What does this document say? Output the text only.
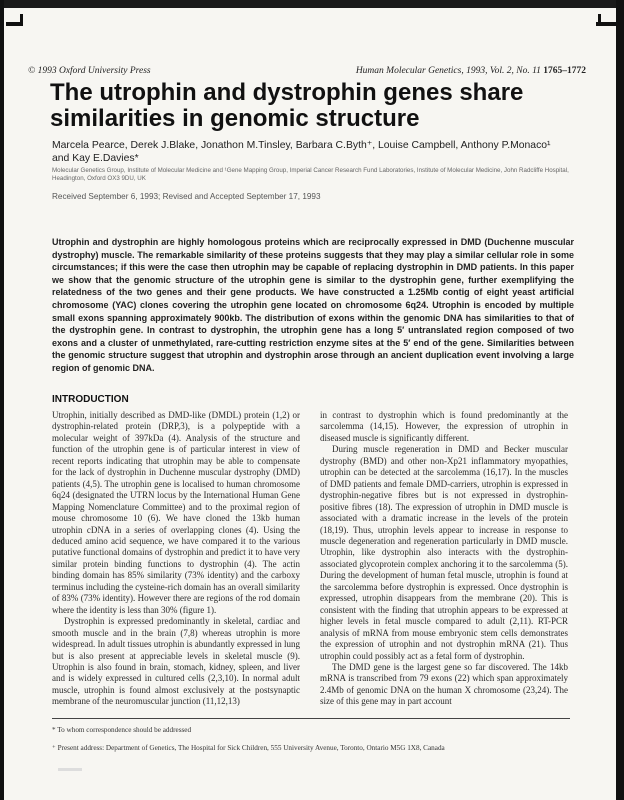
© 1993 Oxford University Press	Human Molecular Genetics, 1993, Vol. 2, No. 11 1765–1772
The utrophin and dystrophin genes share similarities in genomic structure
Marcela Pearce, Derek J.Blake, Jonathon M.Tinsley, Barbara C.Byth⁺, Louise Campbell, Anthony P.Monaco¹ and Kay E.Davies*
Molecular Genetics Group, Institute of Molecular Medicine and ¹Gene Mapping Group, Imperial Cancer Research Fund Laboratories, Institute of Molecular Medicine, John Radcliffe Hospital, Headington, Oxford OX3 9DU, UK
Received September 6, 1993; Revised and Accepted September 17, 1993

Utrophin and dystrophin are highly homologous proteins which are reciprocally expressed in DMD (Duchenne muscular dystrophy) muscle. The remarkable similarity of these proteins suggests that they may play a similar cellular role in some circumstances; if this were the case then utrophin may be capable of replacing dystrophin in DMD patients. In this paper we show that the genomic structure of the utrophin gene is similar to the dystrophin gene, further exemplifying the relatedness of the two genes and their gene products. We have constructed a 1.25Mb contig of eight yeast artificial chromosome (YAC) clones covering the utrophin gene located on chromosome 6q24. Utrophin is encoded by multiple small exons spanning approximately 900kb. The distribution of exons within the genomic DNA has similarities to that of the dystrophin gene. In contrast to dystrophin, the utrophin gene has a long 5′ untranslated region composed of two exons and a cluster of unmethylated, rare-cutting restriction enzyme sites at the 5′ end of the gene. Similarities between the genomic structure suggest that utrophin and dystrophin arose through an ancient duplication event involving a large region of genomic DNA.

INTRODUCTION

Utrophin, initially described as DMD-like (DMDL) protein (1,2) or dystrophin-related protein (DRP,3), is a polypeptide with a molecular weight of 397kDa (4). Analysis of the structure and function of the utrophin gene is of particular interest in view of recent reports indicating that utrophin may be able to compensate for the lack of dystrophin in Duchenne muscular dystrophy (DMD) patients (4,5). The utrophin gene is localised to human chromosome 6q24 (designated the UTRN locus by the International Human Gene Mapping Nomenclature Committee) and to the proximal region of mouse chromosome 10 (6). We have cloned the 13kb human utrophin cDNA in a series of overlapping clones (4). Using the deduced amino acid sequence, we have compared it to the various putative functional domains of dystrophin and predict it to have very similar protein binding functions to dystrophin (4). The actin binding domain has 85% similarity (73% identity) and the carboxy terminus including the cysteine-rich domain has an overall similarity of 83% (73% identity). However there are regions of the rod domain where the identity is less than 30% (figure 1).

Dystrophin is expressed predominantly in skeletal, cardiac and smooth muscle and in the brain (7,8) whereas utrophin is more widespread. In adult tissues utrophin is abundantly expressed in lung but is also present at appreciable levels in skeletal muscle (9). Utrophin is also found in brain, stomach, kidney, spleen, and liver and is widely expressed in cultured cells (2,3,10). In normal adult muscle, utrophin is found almost exclusively at the postsynaptic membrane of the neuromuscular junction (11,12,13)

in contrast to dystrophin which is found predominantly at the sarcolemma (14,15). However, the expression of utrophin in diseased muscle is significantly different.

During muscle regeneration in DMD and Becker muscular dystrophy (BMD) and other non-Xp21 inflammatory myopathies, utrophin can be detected at the sarcolemma (16,17). In the muscles of DMD patients and female DMD-carriers, utrophin is expressed in dystrophin-negative fibres but is not expressed in dystrophin-positive fibres (18). The expression of utrophin in DMD muscle is associated with a dramatic increase in the levels of the protein (18,19). Thus, utrophin levels appear to increase in response to muscle degeneration and regeneration particularly in DMD muscle. Utrophin, like dystrophin also interacts with the dystrophin-associated glycoprotein complex anchoring it to the sarcolemma (5). During the development of human fetal muscle, utrophin is found at the sarcolemma before dystrophin is expressed. Once dystrophin is expressed, utrophin disappears from the membrane (20). This is consistent with the finding that utrophin appears to be expressed at higher levels in fetal muscle compared to adult (2,11). RT-PCR analysis of mRNA from mouse embryonic stem cells demonstrates the expression of utrophin and not dystrophin mRNA (21). Thus utrophin could possibly act as a fetal form of dystrophin.

The DMD gene is the largest gene so far discovered. The 14kb mRNA is transcribed from 79 exons (22) which span approximately 2.4Mb of genomic DNA on the human X chromosome (23,24). The size of this gene may in part account

* To whom correspondence should be addressed
⁺ Present address: Department of Genetics, The Hospital for Sick Children, 555 University Avenue, Toronto, Ontario M5G 1X8, Canada
